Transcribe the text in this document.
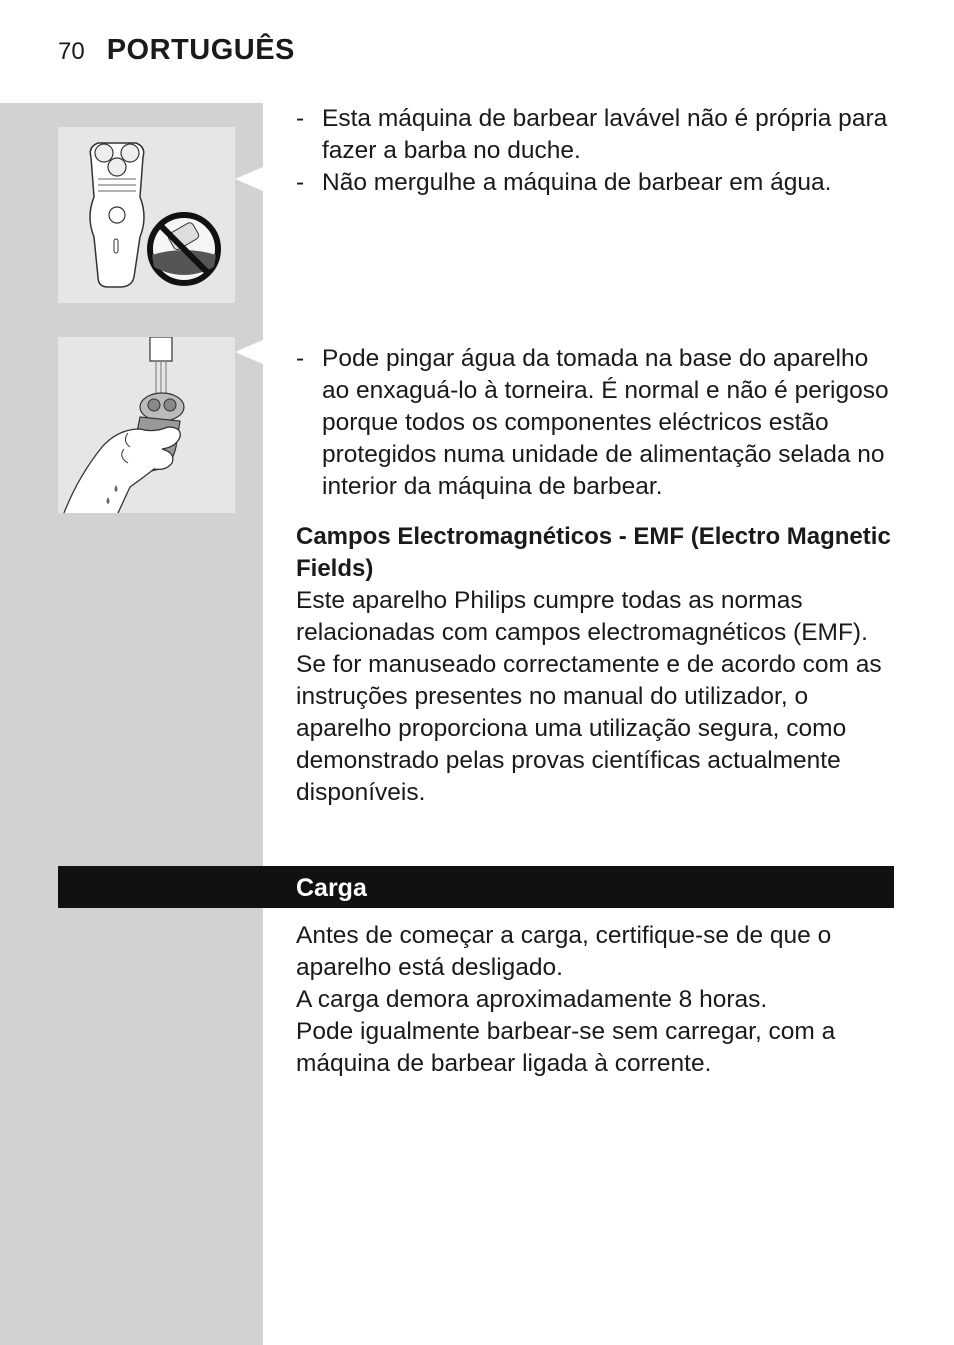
70 PORTUGUÊS
- Esta máquina de barbear lavável não é própria para fazer a barba no duche.
- Não mergulhe a máquina de barbear em água.
- Pode pingar água da tomada na base do aparelho ao enxaguá-lo à torneira. É normal e não é perigoso porque todos os componentes eléctricos estão protegidos numa unidade de alimentação selada no interior da máquina de barbear.
Campos Electromagnéticos - EMF (Electro Magnetic Fields)

Este aparelho Philips cumpre todas as normas relacionadas com campos electromagnéticos (EMF). Se for manuseado correctamente e de acordo com as instruções presentes no manual do utilizador, o aparelho proporciona uma utilização segura, como demonstrado pelas provas científicas actualmente disponíveis.

Carga

Antes de começar a carga, certifique-se de que o aparelho está desligado.

A carga demora aproximadamente 8 horas.

Pode igualmente barbear-se sem carregar, com a máquina de barbear ligada à corrente.
